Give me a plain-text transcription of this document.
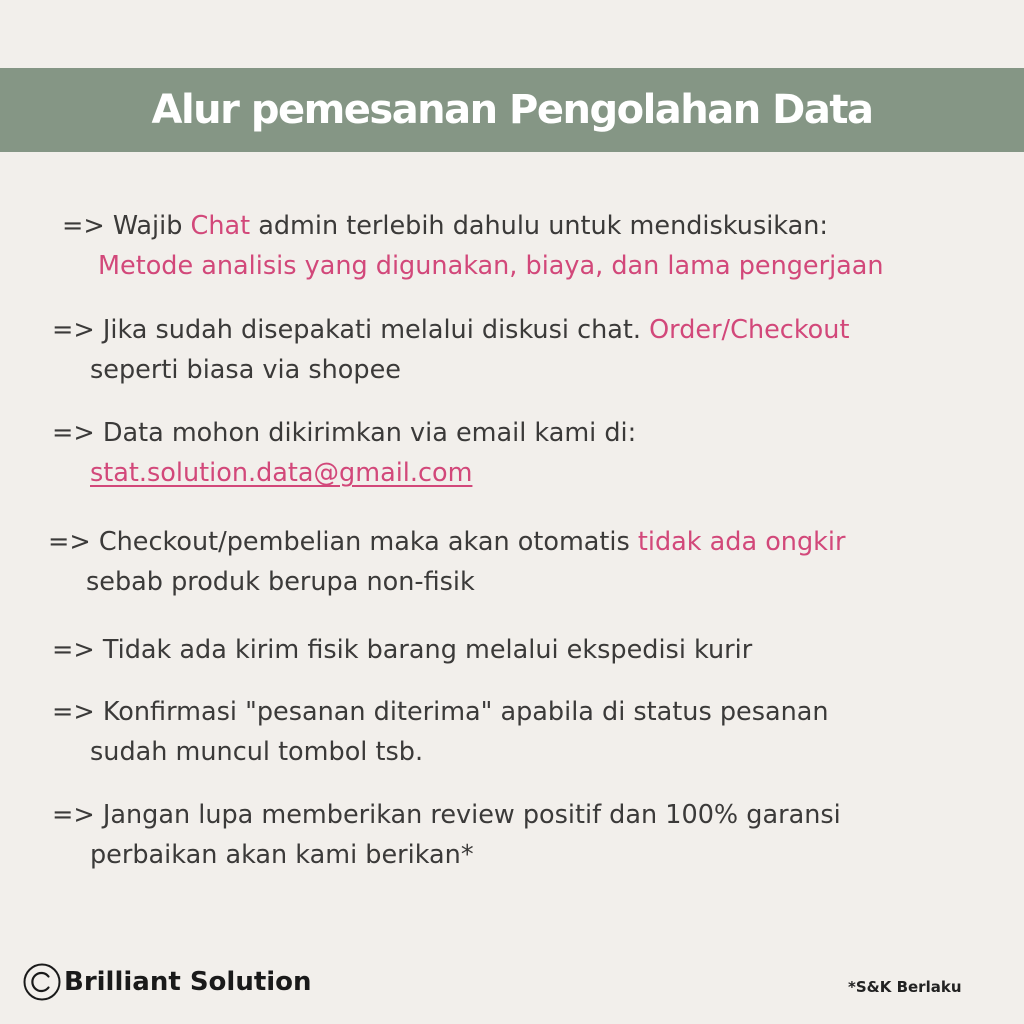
Alur pemesanan Pengolahan Data
=> Wajib Chat admin terlebih dahulu untuk mendiskusikan:
Metode analisis yang digunakan, biaya, dan lama pengerjaan
=> Jika sudah disepakati melalui diskusi chat. Order/Checkout
seperti biasa via shopee
=> Data mohon dikirimkan via email kami di:
stat.solution.data@gmail.com
=> Checkout/pembelian maka akan otomatis tidak ada ongkir
sebab produk berupa non-fisik
=> Tidak ada kirim fisik barang melalui ekspedisi kurir
=> Konfirmasi "pesanan diterima" apabila di status pesanan
sudah muncul tombol tsb.
=> Jangan lupa memberikan review positif dan 100% garansi
perbaikan akan kami berikan*
Brilliant Solution	*S&K Berlaku
